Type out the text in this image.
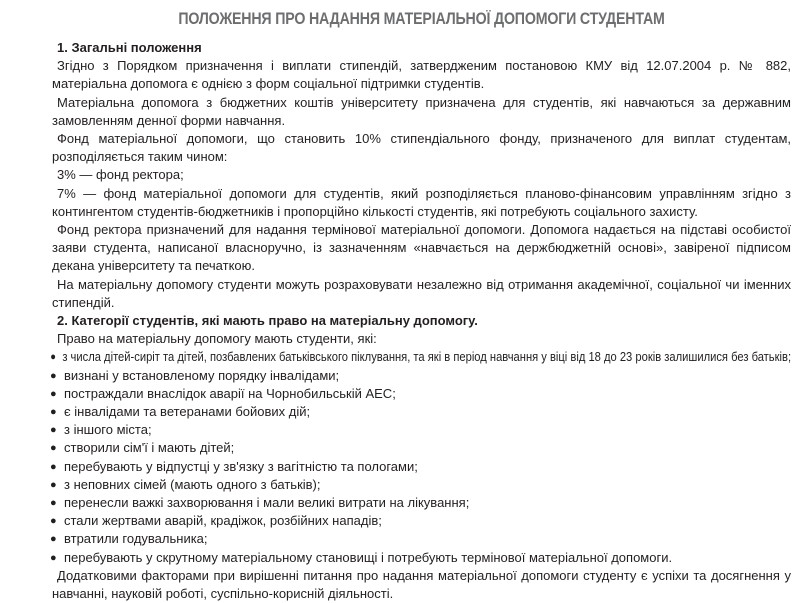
ПОЛОЖЕННЯ ПРО НАДАННЯ МАТЕРІАЛЬНОЇ ДОПОМОГИ СТУДЕНТАМ

1. Загальні положення

Згідно з Порядком призначення і виплати стипендій, затвердженим постановою КМУ від 12.07.2004 р. № 882, матеріальна допомога є однією з форм соціальної підтримки студентів.

Матеріальна допомога з бюджетних коштів університету призначена для студентів, які навчаються за державним замовленням денної форми навчання.

Фонд матеріальної допомоги, що становить 10% стипендіального фонду, призначеного для виплат студентам, розподіляється таким чином:

3% — фонд ректора;

7% — фонд матеріальної допомоги для студентів, який розподіляється планово-фінансовим управлінням згідно з контингентом студентів-бюджетників і пропорційно кількості студентів, які потребують соціального захисту.

Фонд ректора призначений для надання термінової матеріальної допомоги. Допомога надається на підставі особистої заяви студента, написаної власноручно, із зазначенням «навчається на держбюджетній основі», завіреної підписом декана університету та печаткою.

На матеріальну допомогу студенти можуть розраховувати незалежно від отримання академічної, соціальної чи іменних стипендій.

2. Категорії студентів, які мають право на матеріальну допомогу.

Право на матеріальну допомогу мають студенти, які:

● з числа дітей-сиріт та дітей, позбавлених батьківського піклування, та які в період навчання у віці від 18 до 23 років залишилися без батьків;
● визнані у встановленому порядку інвалідами;
● постраждали внаслідок аварії на Чорнобильській АЕС;
● є інвалідами та ветеранами бойових дій;
● з іншого міста;
● створили сім'ї і мають дітей;
● перебувають у відпустці у зв'язку з вагітністю та пологами;
● з неповних сімей (мають одного з батьків);
● перенесли важкі захворювання і мали великі витрати на лікування;
● стали жертвами аварій, крадіжок, розбійних нападів;
● втратили годувальника;
● перебувають у скрутному матеріальному становищі і потребують термінової матеріальної допомоги.

Додатковими факторами при вирішенні питання про надання матеріальної допомоги студенту є успіхи та досягнення у навчанні, науковій роботі, суспільно-корисній діяльності.
